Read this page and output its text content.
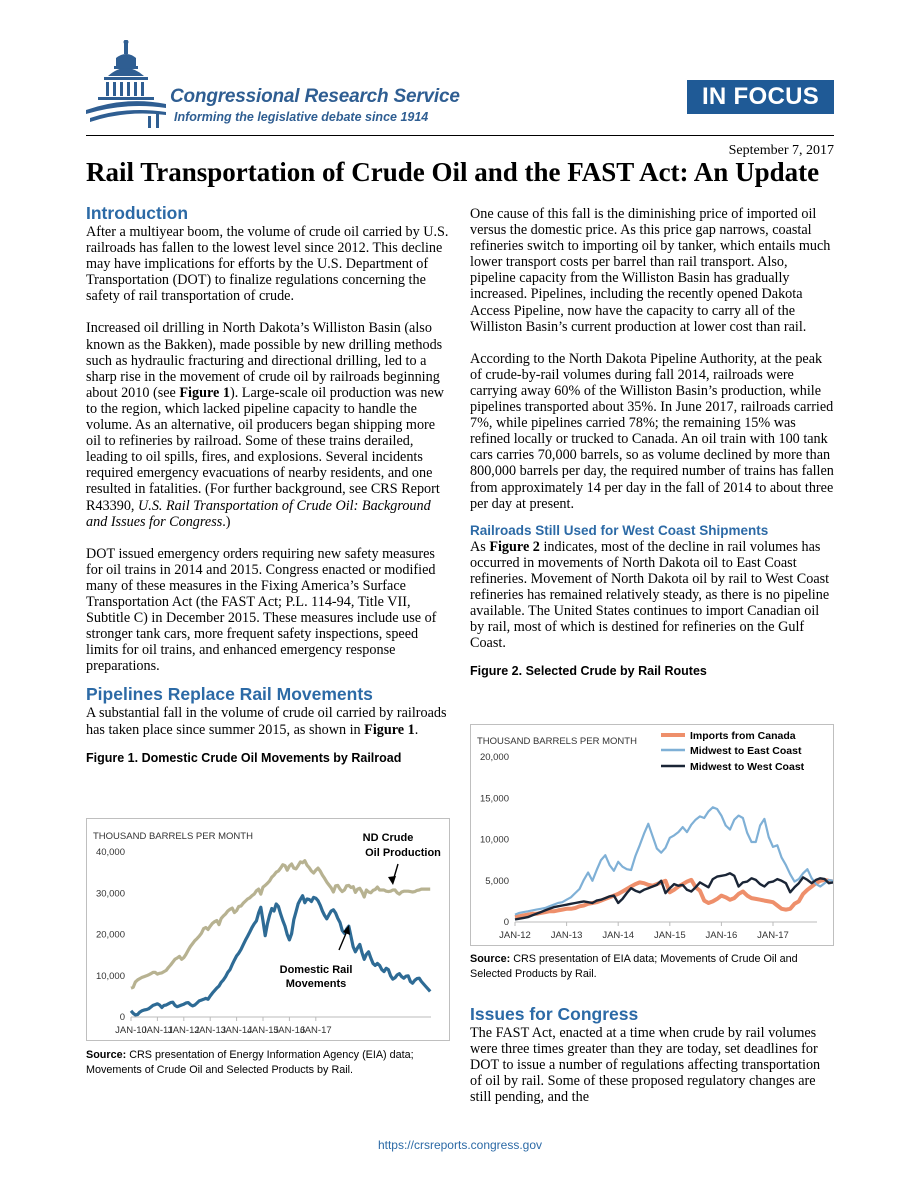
Congressional Research Service
Informing the legislative debate since 1914
IN FOCUS
September 7, 2017
Rail Transportation of Crude Oil and the FAST Act: An Update
Introduction

After a multiyear boom, the volume of crude oil carried by U.S. railroads has fallen to the lowest level since 2012. This decline may have implications for efforts by the U.S. Department of Transportation (DOT) to finalize regulations concerning the safety of rail transportation of crude.

Increased oil drilling in North Dakota’s Williston Basin (also known as the Bakken), made possible by new drilling methods such as hydraulic fracturing and directional drilling, led to a sharp rise in the movement of crude oil by railroads beginning about 2010 (see Figure 1). Large-scale oil production was new to the region, which lacked pipeline capacity to handle the volume. As an alternative, oil producers began shipping more oil to refineries by railroad. Some of these trains derailed, leading to oil spills, fires, and explosions. Several incidents required emergency evacuations of nearby residents, and one resulted in fatalities. (For further background, see CRS Report R43390, U.S. Rail Transportation of Crude Oil: Background and Issues for Congress.)

DOT issued emergency orders requiring new safety measures for oil trains in 2014 and 2015. Congress enacted or modified many of these measures in the Fixing America’s Surface Transportation Act (the FAST Act; P.L. 114-94, Title VII, Subtitle C) in December 2015. These measures include use of stronger tank cars, more frequent safety inspections, speed limits for oil trains, and enhanced emergency response preparations.

Pipelines Replace Rail Movements

A substantial fall in the volume of crude oil carried by railroads has taken place since summer 2015, as shown in Figure 1.

Figure 1. Domestic Crude Oil Movements by Railroad

THOUSAND BARRELS PER MONTH
0
10,000
20,000
30,000
40,000
JAN-10
JAN-11
JAN-12
JAN-13
JAN-14
JAN-15
JAN-16
JAN-17
ND Crude
Oil Production
Domestic Rail
Movements
Source: CRS presentation of Energy Information Agency (EIA) data; Movements of Crude Oil and Selected Products by Rail.

One cause of this fall is the diminishing price of imported oil versus the domestic price. As this price gap narrows, coastal refineries switch to importing oil by tanker, which entails much lower transport costs per barrel than rail transport. Also, pipeline capacity from the Williston Basin has gradually increased. Pipelines, including the recently opened Dakota Access Pipeline, now have the capacity to carry all of the Williston Basin’s current production at lower cost than rail.

According to the North Dakota Pipeline Authority, at the peak of crude-by-rail volumes during fall 2014, railroads were carrying away 60% of the Williston Basin’s production, while pipelines transported about 35%. In June 2017, railroads carried 7%, while pipelines carried 78%; the remaining 15% was refined locally or trucked to Canada. An oil train with 100 tank cars carries 70,000 barrels, so as volume declined by more than 800,000 barrels per day, the required number of trains has fallen from approximately 14 per day in the fall of 2014 to about three per day at present.

Railroads Still Used for West Coast Shipments

As Figure 2 indicates, most of the decline in rail volumes has occurred in movements of North Dakota oil to East Coast refineries. Movement of North Dakota oil by rail to West Coast refineries has remained relatively steady, as there is no pipeline available. The United States continues to import Canadian oil by rail, most of which is destined for refineries on the Gulf Coast.

Figure 2. Selected Crude by Rail Routes

THOUSAND BARRELS PER MONTH
0
5,000
10,000
15,000
20,000
JAN-12 JAN-13 JAN-14 JAN-15 JAN-16 JAN-17
Imports from Canada
Midwest to East Coast
Midwest to West Coast
Source: CRS presentation of EIA data; Movements of Crude Oil and Selected Products by Rail.
Issues for Congress

The FAST Act, enacted at a time when crude by rail volumes were three times greater than they are today, set deadlines for DOT to issue a number of regulations affecting transportation of oil by rail. Some of these proposed regulatory changes are still pending, and the

https://crsreports.congress.gov
